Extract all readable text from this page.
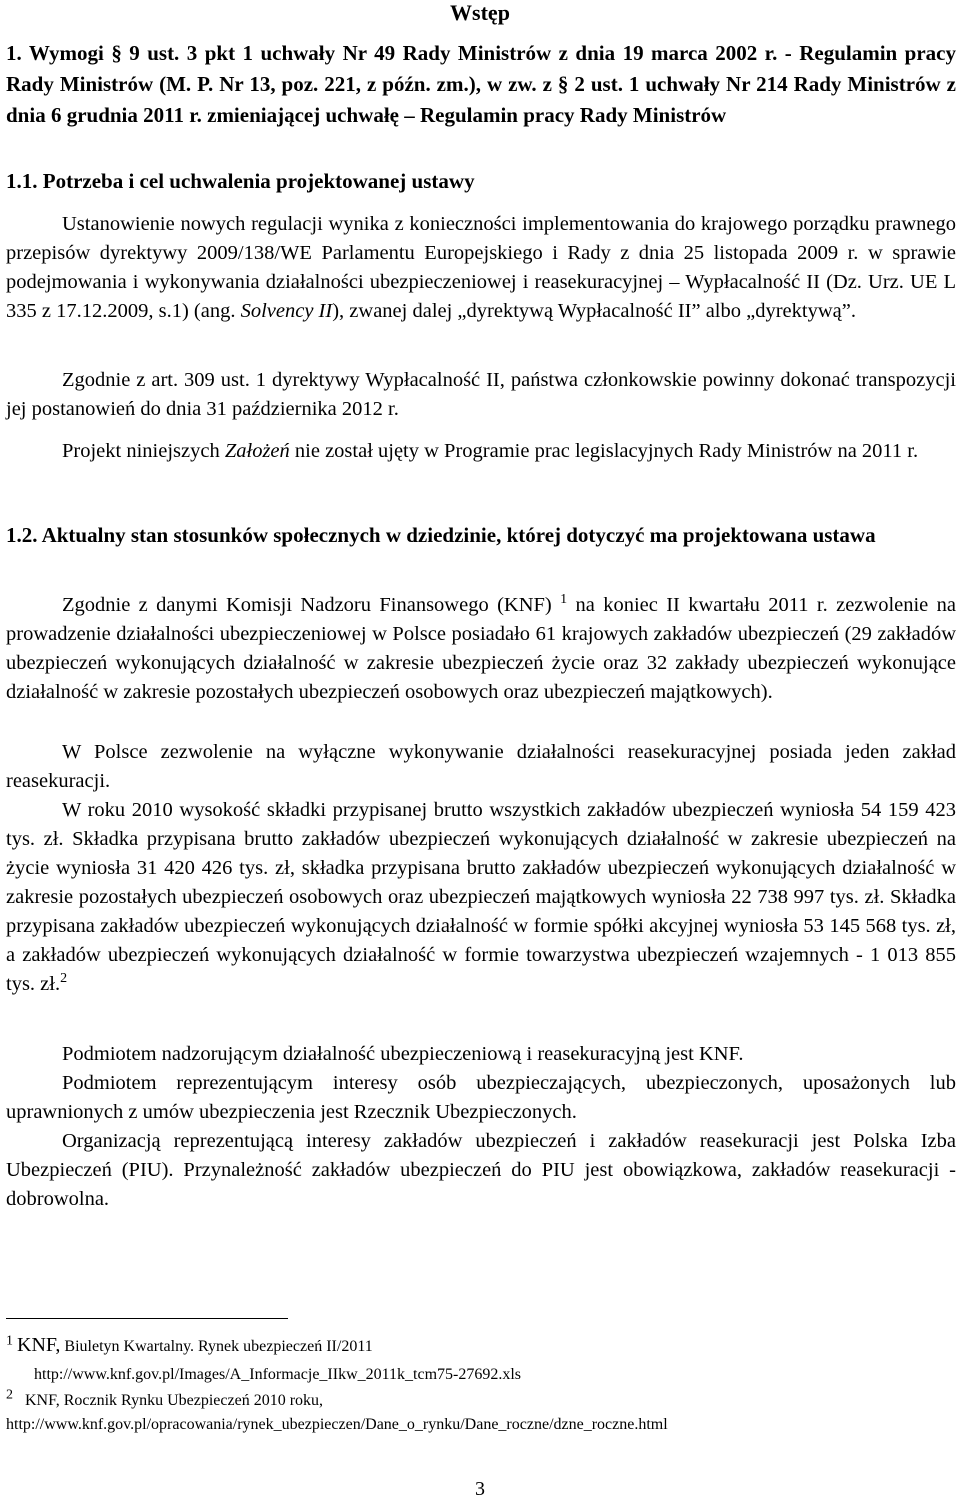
Wstęp
1. Wymogi § 9 ust. 3 pkt 1 uchwały Nr 49 Rady Ministrów z dnia 19 marca 2002 r. - Regulamin pracy Rady Ministrów (M. P. Nr 13, poz. 221, z późn. zm.), w zw. z § 2 ust. 1 uchwały Nr 214 Rady Ministrów z dnia 6 grudnia 2011 r. zmieniającej uchwałę – Regulamin pracy Rady Ministrów
1.1. Potrzeba i cel uchwalenia projektowanej ustawy
Ustanowienie nowych regulacji wynika z konieczności implementowania do krajowego porządku prawnego przepisów dyrektywy 2009/138/WE Parlamentu Europejskiego i Rady z dnia 25 listopada 2009 r. w sprawie podejmowania i wykonywania działalności ubezpieczeniowej i reasekuracyjnej – Wypłacalność II (Dz. Urz. UE L 335 z 17.12.2009, s.1) (ang. Solvency II), zwanej dalej „dyrektywą Wypłacalność II” albo „dyrektywą”.
Zgodnie z art. 309 ust. 1 dyrektywy Wypłacalność II, państwa członkowskie powinny dokonać transpozycji jej postanowień do dnia 31 października 2012 r.
Projekt niniejszych Założeń nie został ujęty w Programie prac legislacyjnych Rady Ministrów na 2011 r.
1.2. Aktualny stan stosunków społecznych w dziedzinie, której dotyczyć ma projektowana ustawa
Zgodnie z danymi Komisji Nadzoru Finansowego (KNF) $^1$ na koniec II kwartału 2011 r. zezwolenie na prowadzenie działalności ubezpieczeniowej w Polsce posiadało 61 krajowych zakładów ubezpieczeń (29 zakładów ubezpieczeń wykonujących działalność w zakresie ubezpieczeń życie oraz 32 zakłady ubezpieczeń wykonujące działalność w zakresie pozostałych ubezpieczeń osobowych oraz ubezpieczeń majątkowych).
W Polsce zezwolenie na wyłączne wykonywanie działalności reasekuracyjnej posiada jeden zakład reasekuracji.
W roku 2010 wysokość składki przypisanej brutto wszystkich zakładów ubezpieczeń wyniosła 54 159 423 tys. zł. Składka przypisana brutto zakładów ubezpieczeń wykonujących działalność w zakresie ubezpieczeń na życie wyniosła 31 420 426 tys. zł, składka przypisana brutto zakładów ubezpieczeń wykonujących działalność w zakresie pozostałych ubezpieczeń osobowych oraz ubezpieczeń majątkowych wyniosła 22 738 997 tys. zł. Składka przypisana zakładów ubezpieczeń wykonujących działalność w formie spółki akcyjnej wyniosła 53 145 568 tys. zł, a zakładów ubezpieczeń wykonujących działalność w formie towarzystwa ubezpieczeń wzajemnych - 1 013 855 tys. zł.$^2$
Podmiotem nadzorującym działalność ubezpieczeniową i reasekuracyjną jest KNF.
Podmiotem reprezentującym interesy osób ubezpieczających, ubezpieczonych, uposażonych lub uprawnionych z umów ubezpieczenia jest Rzecznik Ubezpieczonych.
Organizacją reprezentującą interesy zakładów ubezpieczeń i zakładów reasekuracji jest Polska Izba Ubezpieczeń (PIU). Przynależność zakładów ubezpieczeń do PIU jest obowiązkowa, zakładów reasekuracji - dobrowolna.
1 KNF, Biuletyn Kwartalny. Rynek ubezpieczeń II/2011
http://www.knf.gov.pl/Images/A_Informacje_IIkw_2011k_tcm75-27692.xls
2 KNF, Rocznik Rynku Ubezpieczeń 2010 roku,
http://www.knf.gov.pl/opracowania/rynek_ubezpieczen/Dane_o_rynku/Dane_roczne/dzne_roczne.html
3
